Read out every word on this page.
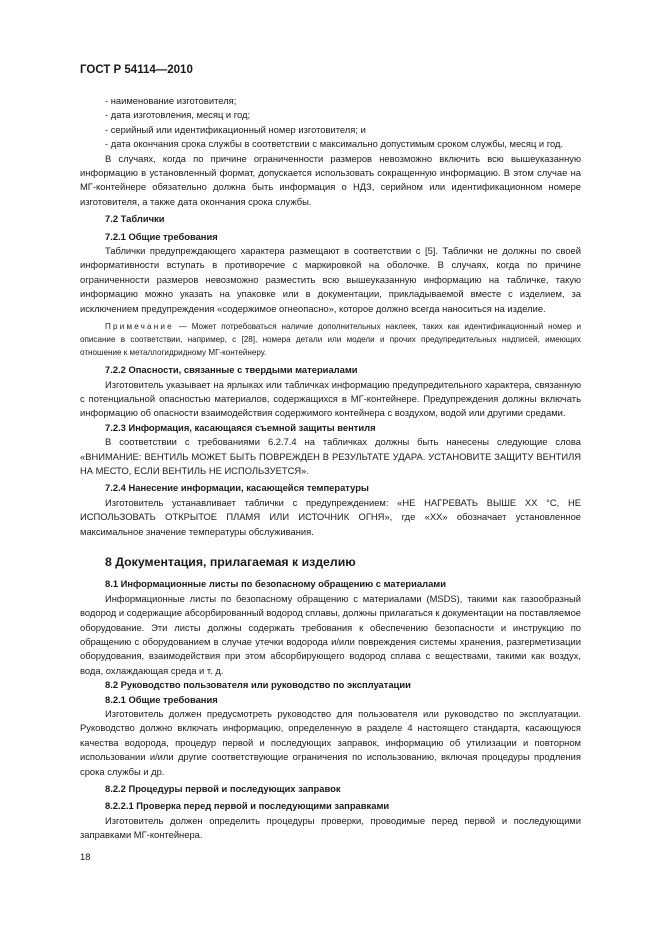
ГОСТ Р 54114—2010

- наименование изготовителя;

- дата изготовления, месяц и год;

- серийный или идентификационный номер изготовителя; и

- дата окончания срока службы в соответствии с максимально допустимым сроком службы, месяц и год.

В случаях, когда по причине ограниченности размеров невозможно включить всю вышеуказанную информацию в установленный формат, допускается использовать сокращенную информацию. В этом случае на МГ-контейнере обязательно должна быть информация о НДЗ, серийном или идентификационном номере изготовителя, а также дата окончания срока службы.

7.2 Таблички

7.2.1 Общие требования

Таблички предупреждающего характера размещают в соответствии с [5]. Таблички не должны по своей информативности вступать в противоречие с маркировкой на оболочке. В случаях, когда по причине ограниченности размеров невозможно разместить всю вышеуказанную информацию на табличке, такую информацию можно указать на упаковке или в документации, прикладываемой вместе с изделием, за исключением предупреждения «содержимое огнеопасно», которое должно всегда наноситься на изделие.

Примечание — Может потребоваться наличие дополнительных наклеек, таких как идентификационный номер и описание в соответствии, например, с [28], номера детали или модели и прочих предупредительных надписей, имеющих отношение к металлогидридному МГ-контейнеру.

7.2.2 Опасности, связанные с твердыми материалами

Изготовитель указывает на ярлыках или табличках информацию предупредительного характера, связанную с потенциальной опасностью материалов, содержащихся в МГ-контейнере. Предупреждения должны включать информацию об опасности взаимодействия содержимого контейнера с воздухом, водой или другими средами.

7.2.3 Информация, касающаяся съемной защиты вентиля

В соответствии с требованиями 6.2.7.4 на табличках должны быть нанесены следующие слова «ВНИМАНИЕ: ВЕНТИЛЬ МОЖЕТ БЫТЬ ПОВРЕЖДЕН В РЕЗУЛЬТАТЕ УДАРА. УСТАНОВИТЕ ЗАЩИТУ ВЕНТИЛЯ НА МЕСТО, ЕСЛИ ВЕНТИЛЬ НЕ ИСПОЛЬЗУЕТСЯ».

7.2.4 Нанесение информации, касающейся температуры

Изготовитель устанавливает таблички с предупреждением: «НЕ НАГРЕВАТЬ ВЫШЕ XX °С, НЕ ИСПОЛЬЗОВАТЬ ОТКРЫТОЕ ПЛАМЯ ИЛИ ИСТОЧНИК ОГНЯ», где «XX» обозначает установленное максимальное значение температуры обслуживания.

8 Документация, прилагаемая к изделию

8.1 Информационные листы по безопасному обращению с материалами

Информационные листы по безопасному обращению с материалами (MSDS), такими как газообразный водород и содержащие абсорбированный водород сплавы, должны прилагаться к документации на поставляемое оборудование. Эти листы должны содержать требования к обеспечению безопасности и инструкцию по обращению с оборудованием в случае утечки водорода и/или повреждения системы хранения, разгерметизации оборудования, взаимодействия при этом абсорбирующего водород сплава с веществами, такими как воздух, вода, охлаждающая среда и т. д.

8.2 Руководство пользователя или руководство по эксплуатации

8.2.1 Общие требования

Изготовитель должен предусмотреть руководство для пользователя или руководство по эксплуатации. Руководство должно включать информацию, определенную в разделе 4 настоящего стандарта, касающуюся качества водорода, процедур первой и последующих заправок, информацию об утилизации и повторном использовании и/или другие соответствующие ограничения по использованию, включая процедуры продления срока службы и др.

8.2.2 Процедуры первой и последующих заправок

8.2.2.1 Проверка перед первой и последующими заправками

Изготовитель должен определить процедуры проверки, проводимые перед первой и последующими заправками МГ-контейнера.

18
